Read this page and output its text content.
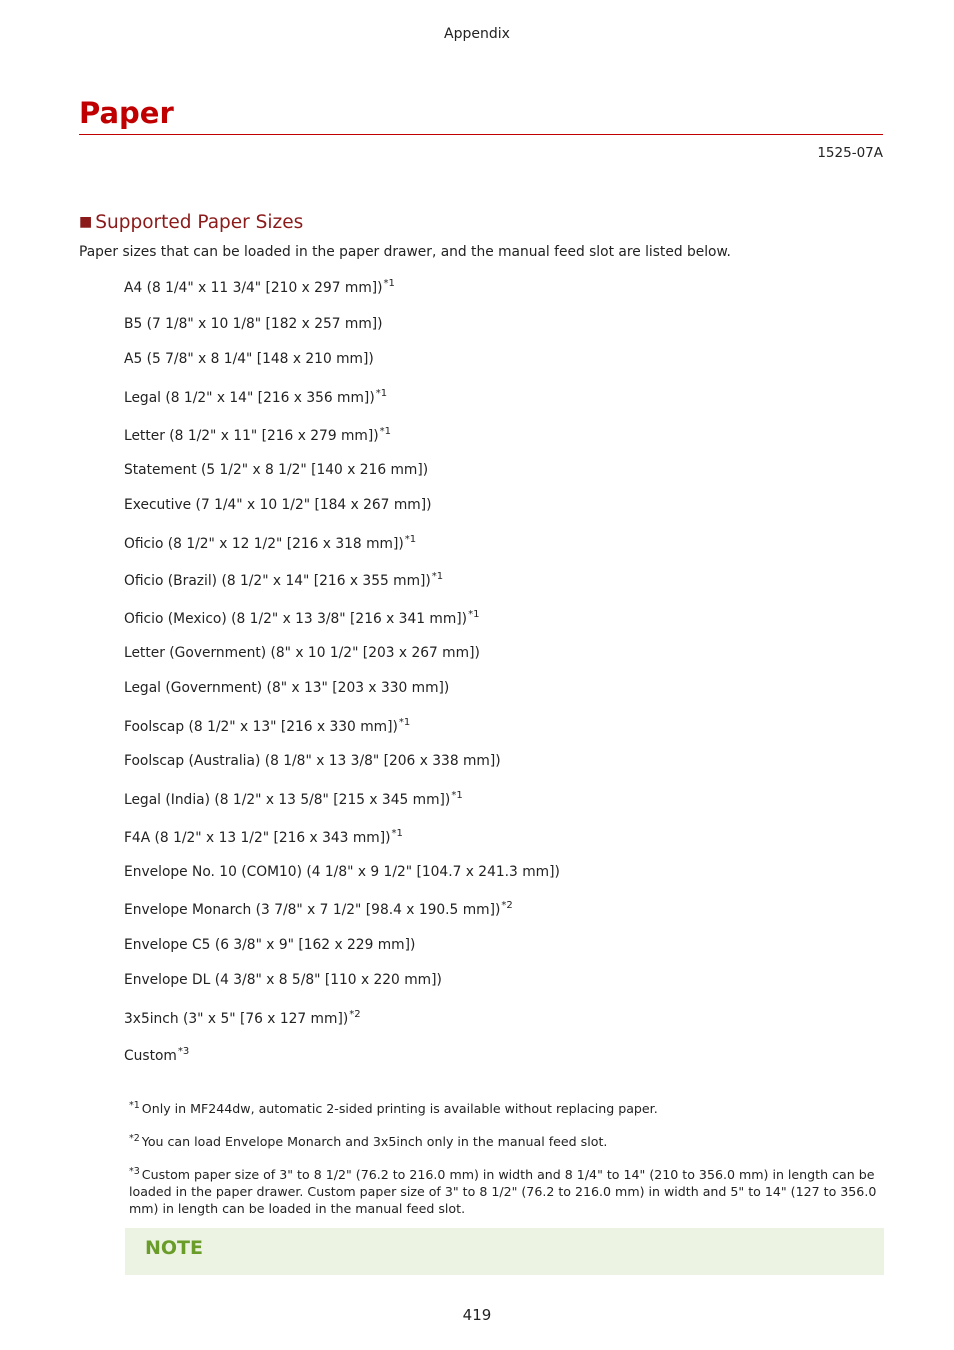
Appendix
Paper
1525-07A
■ Supported Paper Sizes
Paper sizes that can be loaded in the paper drawer, and the manual feed slot are listed below.
A4 (8 1/4" x 11 3/4" [210 x 297 mm])$^{*1}$
B5 (7 1/8" x 10 1/8" [182 x 257 mm])
A5 (5 7/8" x 8 1/4" [148 x 210 mm])
Legal (8 1/2" x 14" [216 x 356 mm])$^{*1}$
Letter (8 1/2" x 11" [216 x 279 mm])$^{*1}$
Statement (5 1/2" x 8 1/2" [140 x 216 mm])
Executive (7 1/4" x 10 1/2" [184 x 267 mm])
Oficio (8 1/2" x 12 1/2" [216 x 318 mm])$^{*1}$
Oficio (Brazil) (8 1/2" x 14" [216 x 355 mm])$^{*1}$
Oficio (Mexico) (8 1/2" x 13 3/8" [216 x 341 mm])$^{*1}$
Letter (Government) (8" x 10 1/2" [203 x 267 mm])
Legal (Government) (8" x 13" [203 x 330 mm])
Foolscap (8 1/2" x 13" [216 x 330 mm])$^{*1}$
Foolscap (Australia) (8 1/8" x 13 3/8" [206 x 338 mm])
Legal (India) (8 1/2" x 13 5/8" [215 x 345 mm])$^{*1}$
F4A (8 1/2" x 13 1/2" [216 x 343 mm])$^{*1}$
Envelope No. 10 (COM10) (4 1/8" x 9 1/2" [104.7 x 241.3 mm])
Envelope Monarch (3 7/8" x 7 1/2" [98.4 x 190.5 mm])$^{*2}$
Envelope C5 (6 3/8" x 9" [162 x 229 mm])
Envelope DL (4 3/8" x 8 5/8" [110 x 220 mm])
3x5inch (3" x 5" [76 x 127 mm])$^{*2}$
Custom$^{*3}$
$^{*1}$ Only in MF244dw, automatic 2-sided printing is available without replacing paper.
$^{*2}$ You can load Envelope Monarch and 3x5inch only in the manual feed slot.
$^{*3}$ Custom paper size of 3" to 8 1/2" (76.2 to 216.0 mm) in width and 8 1/4" to 14" (210 to 356.0 mm) in length can be loaded in the paper drawer. Custom paper size of 3" to 8 1/2" (76.2 to 216.0 mm) in width and 5" to 14" (127 to 356.0 mm) in length can be loaded in the manual feed slot.
NOTE
419
